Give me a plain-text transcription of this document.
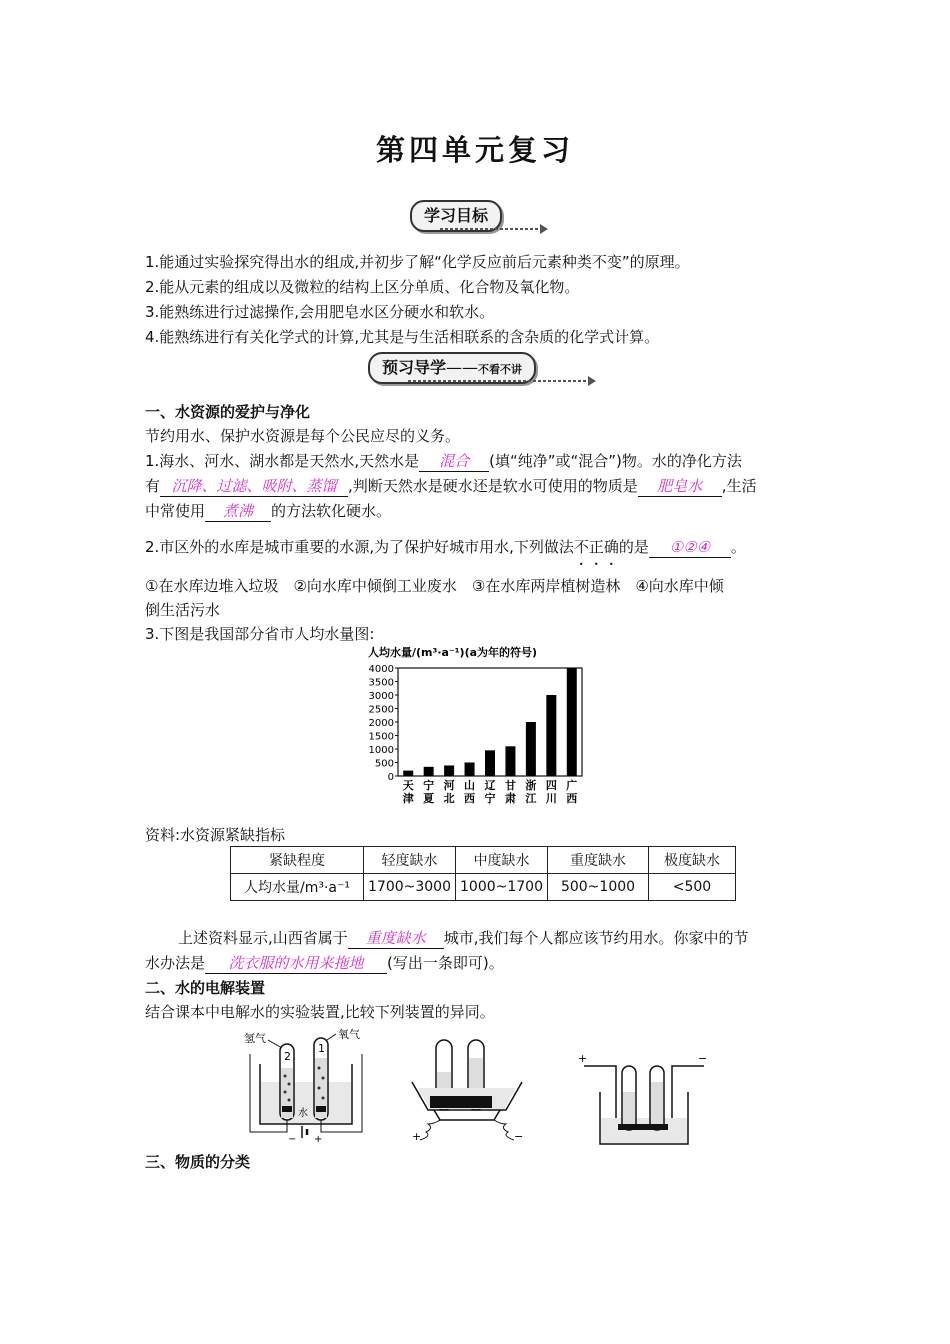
第四单元复习
学习目标
1.能通过实验探究得出水的组成,并初步了解“化学反应前后元素种类不变”的原理。
2.能从元素的组成以及微粒的结构上区分单质、化合物及氧化物。
3.能熟练进行过滤操作,会用肥皂水区分硬水和软水。
4.能熟练进行有关化学式的计算,尤其是与生活相联系的含杂质的化学式计算。
预习导学——不看不讲
一、水资源的爱护与净化
节约用水、保护水资源是每个公民应尽的义务。
1.海水、河水、湖水都是天然水,天然水是 混合 (填“纯净”或“混合”)物。水的净化方法
有 沉降、过滤、吸附、蒸馏 ,判断天然水是硬水还是软水可使用的物质是 肥皂水 ,生活
中常使用 煮沸 的方法软化硬水。
2.市区外的水库是城市重要的水源,为了保护好城市用水,下列做法不正确的是 ①②④ 。
①在水库边堆入垃圾　②向水库中倾倒工业废水　③在水库两岸植树造林　④向水库中倾
倒生活污水
3.下图是我国部分省市人均水量图:
人均水量/(m³·a⁻¹)(a为年的符号)
0
500
1000
1500
2000
2500
3000
3500
4000
天
津
宁
夏
河
北
山
西
辽
宁
甘
肃
浙
江
四
川
广
西
资料:水资源紧缺指标
紧缺程度	轻度缺水	中度缺水	重度缺水	极度缺水
人均水量/m³·a⁻¹	1700~3000	1000~1700	500~1000	<500
上述资料显示,山西省属于 重度缺水 城市,我们每个人都应该节约用水。你家中的节
水办法是 洗衣服的水用来拖地 (写出一条即可)。
二、水的电解装置
结合课本中电解水的实验装置,比较下列装置的异同。
氢气	氧气
2
1
水
− +	+	−
+	−
三、物质的分类
